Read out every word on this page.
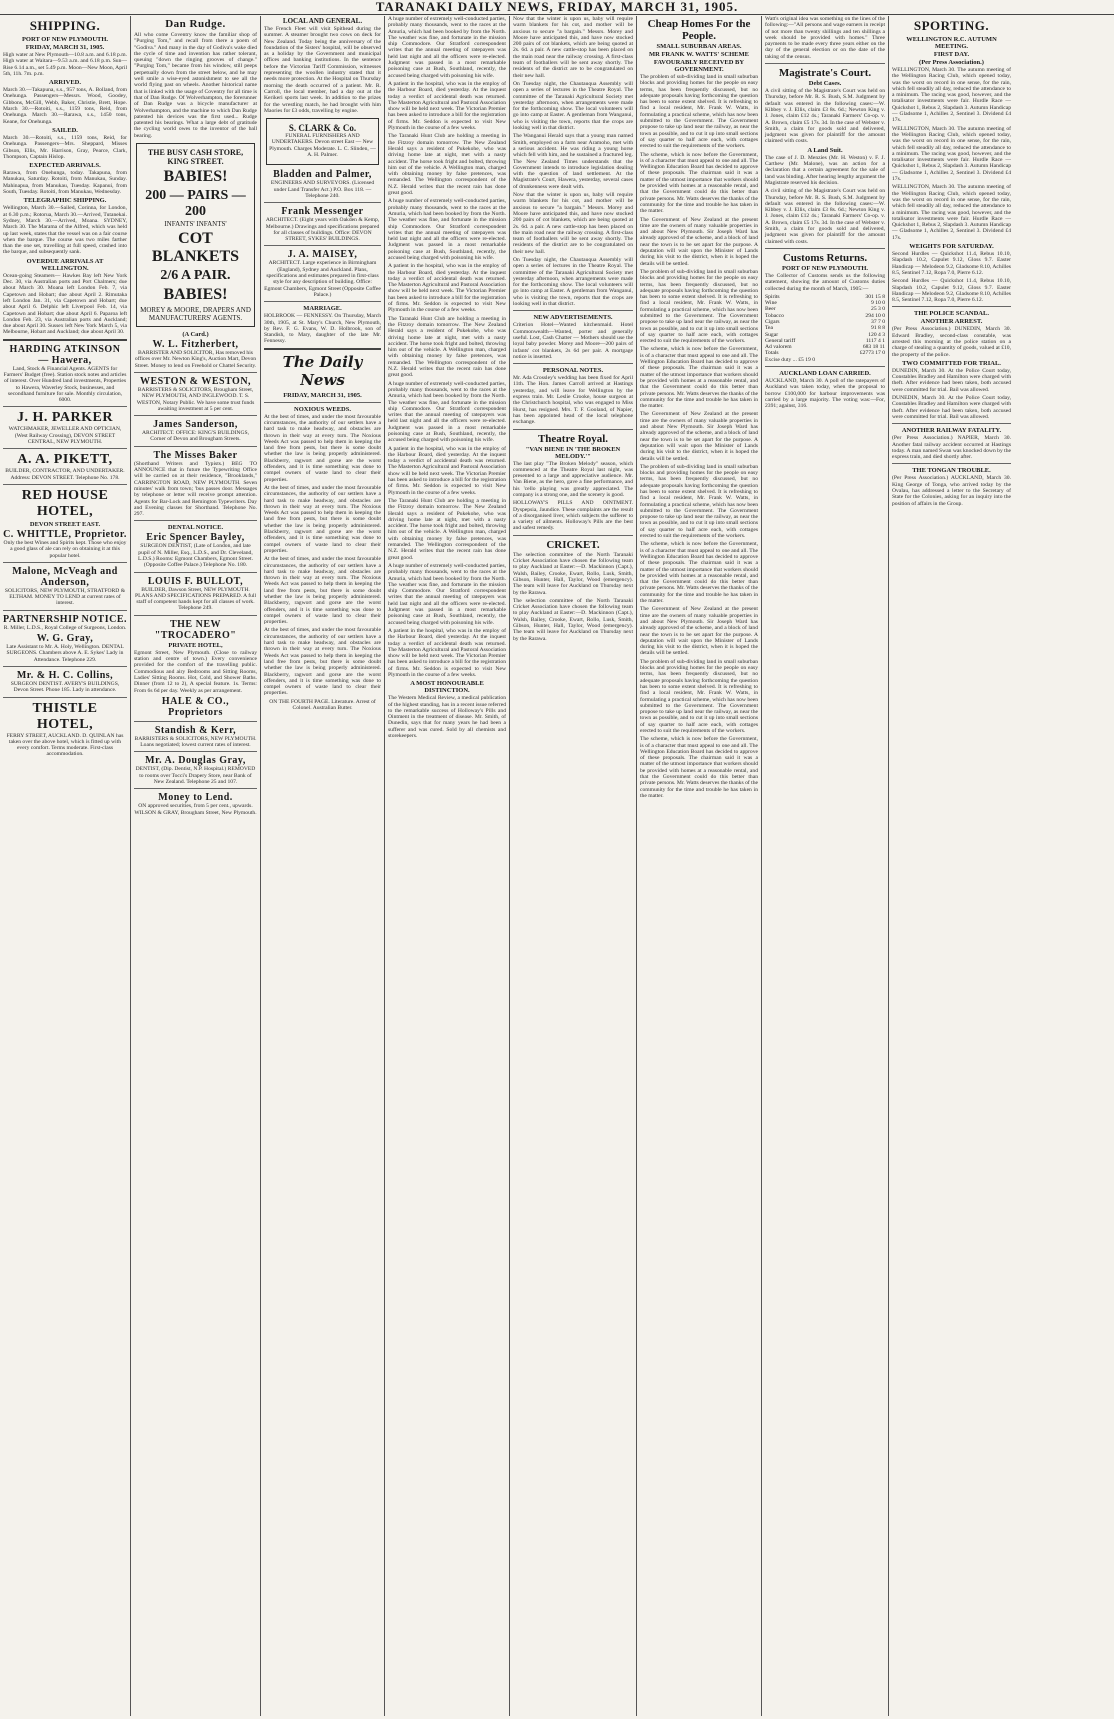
TARANAKI DAILY NEWS, FRIDAY, MARCH 31, 1905.
SHIPPING.
PORT OF NEW PLYMOUTH.
FRIDAY, MARCH 31, 1905.
High water at New Plymouth—10.8 a.m. and 6.18 p.m. High water at Waitara—9.53 a.m. and 6.18 p.m. Sun—Rise 6.14 a.m., set 5.49 p.m. Moon—New Moon, April 5th, 11h. 7m. p.m.
ARRIVED.
March 30.—Takapuna, s.s., 957 tons, A. Bolland, from Onehunga. Passengers—Messrs. Wood, Goodey, Gibbons, McGill, Webb, Baker, Christie, Brett, Hope. March 30.—Rotoiti, s.s., 1159 tons, Reid, from Onehunga. March 30.—Rarawa, s.s., 1450 tons, Keane, for Onehunga.
SAILED.
March 30.—Rotoiti, s.s., 1159 tons, Reid, for Onehunga. Passengers—Mrs. Sheppard, Misses Gibson, Ellis, Mr. Harrison, Gray, Pearce, Clark, Thompson, Captain Hislop.
EXPECTED ARRIVALS.
Rarawa, from Onehunga, today. Takapuna, from Manukau, Saturday. Rotoiti, from Manukau, Sunday. Mahinapua, from Manukau, Tuesday. Kapanui, from South, Tuesday. Rotoiti, from Manukau, Wednesday.
TELEGRAPHIC SHIPPING.
Wellington, March 30.—Sailed, Corinna, for London, at 6.30 p.m.; Rotorua, March 30.—Arrived, Tutanekai. Sydney, March 30.—Arrived, Moana. SYDNEY, March 30. The Marama of the Alfred, which was held up last week, states that the vessel was on a fair course when the barque. The course was two miles farther than the one set, travelling at full speed, crashed into the barque, and subsequently sank.
OVERDUE ARRIVALS AT WELLINGTON.
Ocean-going Steamers— Hawkes Bay left New York Dec. 30, via Australian ports and Port Chalmers; due about March 30. Moana left London Feb. 7, via Capetown and Hobart; due about April 2. Rimutaka left London Jan. 31, via Capetown and Hobart; due about April 6. Delphic left Liverpool Feb. 14, via Capetown and Hobart; due about April 6. Paparoa left London Feb. 23, via Australian ports and Auckland; due about April 30. Sussex left New York March 5, via Melbourne, Hobart and Auckland; due about April 30.
HARDING ATKINSON — Hawera,
Land, Stock & Financial Agents. AGENTS for Farmers' Budget (free). Station stock notes and articles of interest. Over Hundred land investments, Properties to Hawera, Waverley Stock, businesses, and secondhand furniture for sale. Monthly circulation, 6000.
J. H. PARKER
WATCHMAKER, JEWELLER AND OPTICIAN, (West Railway Crossing), DEVON STREET CENTRAL, NEW PLYMOUTH.
A. A. PIKETT,
BUILDER, CONTRACTOR, AND UNDERTAKER. Address: DEVON STREET. Telephone No. 178.
RED HOUSE HOTEL,
DEVON STREET EAST.
C. WHITTLE, Proprietor.
Only the best Wines and Spirits kept. Those who enjoy a good glass of ale can rely on obtaining it at this popular hotel.
Malone, McVeagh and Anderson,
SOLICITORS, NEW PLYMOUTH, STRATFORD & ELTHAM. MONEY TO LEND at current rates of interest.
PARTNERSHIP NOTICE.
R. Miller, L.D.S., Royal College of Surgeons, London.
W. G. Gray,
Late Assistant to Mr. A. Holy, Wellington. DENTAL SURGEONS. Chambers above A. E. Sykes' Lady in Attendance. Telephone 229.
Mr. & H. C. Collins,
SURGEON DENTIST. AVERY'S BUILDINGS, Devon Street. Phone 185. Lady in attendance.
THISTLE HOTEL,
FERRY STREET, AUCKLAND. D. QUINLAN has taken over the above hotel, which is fitted up with every comfort. Terms moderate. First-class accommodation.
Dan Rudge.
All who come Coventry know the familiar shop of "Purging Tom," and recall from there a poem of "Godiva." And many in the day of Godiva's wake died the cycle of time and invention has rather tolerant, queuing "down the ringing grooves of change." "Purging Tom," became from his window, still peeps perpetually down from the street below, and he may well smile a wise-eyed astonishment to see all the world flying past on wheels. Another historical name that is linked with the usage of Coventry for all time is that of Dan Rudge. Of Wolverhampton, the forerunner of Dan Rudge was a bicycle manufacturer at Wolverhampton, and the machine to which Dan Rudge patented his devices was the first used... Rudge patented his bearings. What a large debt of gratitude the cycling world owes to the inventor of the ball bearing.
THE BUSY CASH STORE,
KING STREET.
BABIES!
200 — PAIRS — 200
INFANTS' INFANTS'
COT BLANKETS
2/6 A PAIR.
BABIES!
MOREY & MOORE, DRAPERS AND MANUFACTURERS' AGENTS.
(A Card.)
W. L. Fitzherbert,
BARRISTER AND SOLICITOR, Has removed his offices over Mr. Newton King's, Auction Mart, Devon Street. Money to lend on Freehold or Chattel Security.
WESTON & WESTON,
BARRISTERS & SOLICITORS, Brougham Street, NEW PLYMOUTH, AND INGLEWOOD. T. S. WESTON, Notary Public. We have some trust funds awaiting investment at 5 per cent.
James Sanderson,
ARCHITECT. OFFICE: KING'S BUILDINGS, Corner of Devon and Brougham Streets.
The Misses Baker
(Shorthand Writers and Typists.) BEG TO ANNOUNCE that in future the Typewriting Office will be carried on at their residence, "Brooklands," CARRINGTON ROAD, NEW PLYMOUTH. Seven minutes' walk from town; 'bus passes door. Messages by telephone or letter will receive prompt attention. Agents for Bar-Lock and Remington Typewriters. Day and Evening classes for Shorthand. Telephone No. 297.
DENTAL NOTICE.
Eric Spencer Bayley,
SURGEON DENTIST, (Late of London, and late pupil of N. Miller, Esq., L.D.S., and Dr. Cleveland, L.D.S.) Rooms: Egmont Chambers, Egmont Street. (Opposite Coffee Palace.) Telephone No. 180.
LOUIS F. BULLOT,
BUILDER, Dawson Street, NEW PLYMOUTH. PLANS AND SPECIFICATIONS PREPARED. A full staff of competent hands kept for all classes of work. Telephone 249.
THE NEW "TROCADERO"
PRIVATE HOTEL,
Egmont Street, New Plymouth. (Close to railway station and centre of town.) Every convenience provided for the comfort of the travelling public. Commodious and airy Bedrooms and Sitting Rooms, Ladies' Sitting Rooms. Hot, Cold, and Shower Baths. Dinner (from 12 to 2), A special feature. 1s. Terms: From 6s 6d per day. Weekly as per arrangement.
HALE & CO., Proprietors
Standish & Kerr,
BARRISTERS & SOLICITORS, NEW PLYMOUTH. Loans negotiated; lowest current rates of interest.
Mr. A. Douglas Gray,
DENTIST, (Dip. Dentist, N.P. Hospital.) REMOVED to rooms over Tocci's Drapery Store, near Bank of New Zealand. Telephone 25 and 107.
Money to Lend.
ON approved securities, from 5 per cent., upwards. WILSON & GRAY, Brougham Street, New Plymouth.
LOCAL AND GENERAL.
The French Fleet will visit Spithead during the summer. A steamer brought two cows on deck for New Zealand. Today being the anniversary of the foundation of the Sisters' hospital, will be observed as a holiday by the Government and municipal offices and banking institutions. In the sentence before the Victorian Tariff Commission, witnesses representing the woollen industry stated that it needs more protection. At the Hospital on Thursday morning the death occurred of a patient. Mr. R. Carroll, the local member, had a day out at the Kerikeri sports last week. In addition to the prizes for the wrestling match, he had brought with him Maories for £3 odds, travelling by engine.
S. CLARK & Co.
FUNERAL FURNISHERS AND UNDERTAKERS. Devon street East — New Plymouth. Charges Moderate. L. C. Slinden, — A. H. Palmer.
Bladden and Palmer,
ENGINEERS AND SURVEYORS. (Licensed under Land Transfer Act.) P.O. Box 118. — Telephone 240.
Frank Messenger
ARCHITECT. (Eight years with Oakden & Kemp, Melbourne.) Drawings and specifications prepared for all classes of buildings. Office: DEVON STREET, SYKES' BUILDINGS.
J. A. MAISEY,
ARCHITECT. Large experience in Birmingham (England), Sydney and Auckland. Plans, specifications and estimates prepared in first-class style for any description of building. Office: Egmont Chambers, Egmont Street (Opposite Coffee Palace.)
MARRIAGE.
HOLBROOK — FENNESSY. On Thursday, March 30th, 1905, at St. Mary's Church, New Plymouth, by Rev. F. G. Evans, W. D. Holbrook, son of Standish, to Mary, daughter of the late Mr. Fennessy.
The Daily News
FRIDAY, MARCH 31, 1905.
NOXIOUS WEEDS.
At the best of times, and under the most favourable circumstances, the authority of our settlers have a hard task to make headway, and obstacles are thrown in their way at every turn. The Noxious Weeds Act was passed to help them in keeping the land free from pests, but there is some doubt whether the law is being properly administered. Blackberry, ragwort and gorse are the worst offenders, and it is time something was done to compel owners of waste land to clear their properties.
At the best of times, and under the most favourable circumstances, the authority of our settlers have a hard task to make headway, and obstacles are thrown in their way at every turn. The Noxious Weeds Act was passed to help them in keeping the land free from pests, but there is some doubt whether the law is being properly administered. Blackberry, ragwort and gorse are the worst offenders, and it is time something was done to compel owners of waste land to clear their properties.
At the best of times, and under the most favourable circumstances, the authority of our settlers have a hard task to make headway, and obstacles are thrown in their way at every turn. The Noxious Weeds Act was passed to help them in keeping the land free from pests, but there is some doubt whether the law is being properly administered. Blackberry, ragwort and gorse are the worst offenders, and it is time something was done to compel owners of waste land to clear their properties.
At the best of times, and under the most favourable circumstances, the authority of our settlers have a hard task to make headway, and obstacles are thrown in their way at every turn. The Noxious Weeds Act was passed to help them in keeping the land free from pests, but there is some doubt whether the law is being properly administered. Blackberry, ragwort and gorse are the worst offenders, and it is time something was done to compel owners of waste land to clear their properties.
ON THE FOURTH PAGE. Literature. Arrest of Colonel. Australian Butter.
A huge number of extremely well-conducted parties, probably many thousands, went to the races at the Amuria, which had been booked by from the North. The weather was fine, and fortunate in the mission ship Commodore. Our Stratford correspondent writes that the annual meeting of ratepayers was held last night and all the officers were re-elected. Judgment was passed in a most remarkable poisoning case at Bush, Southland, recently, the accused being charged with poisoning his wife.
A patient in the hospital, who was in the employ of the Harbour Board, died yesterday. At the inquest today a verdict of accidental death was returned. The Masterton Agricultural and Pastoral Association show will be held next week. The Victorian Premier has been asked to introduce a bill for the registration of firms. Mr. Seddon is expected to visit New Plymouth in the course of a few weeks.
The Taranaki Hunt Club are holding a meeting in the Fitzroy domain tomorrow. The New Zealand Herald says a resident of Pukekohe, who was driving home late at night, met with a nasty accident. The horse took fright and bolted, throwing him out of the vehicle. A Wellington man, charged with obtaining money by false pretences, was remanded. The Wellington correspondent of the N.Z. Herald writes that the recent rain has done great good.
A huge number of extremely well-conducted parties, probably many thousands, went to the races at the Amuria, which had been booked by from the North. The weather was fine, and fortunate in the mission ship Commodore. Our Stratford correspondent writes that the annual meeting of ratepayers was held last night and all the officers were re-elected. Judgment was passed in a most remarkable poisoning case at Bush, Southland, recently, the accused being charged with poisoning his wife.
A patient in the hospital, who was in the employ of the Harbour Board, died yesterday. At the inquest today a verdict of accidental death was returned. The Masterton Agricultural and Pastoral Association show will be held next week. The Victorian Premier has been asked to introduce a bill for the registration of firms. Mr. Seddon is expected to visit New Plymouth in the course of a few weeks.
The Taranaki Hunt Club are holding a meeting in the Fitzroy domain tomorrow. The New Zealand Herald says a resident of Pukekohe, who was driving home late at night, met with a nasty accident. The horse took fright and bolted, throwing him out of the vehicle. A Wellington man, charged with obtaining money by false pretences, was remanded. The Wellington correspondent of the N.Z. Herald writes that the recent rain has done great good.
A huge number of extremely well-conducted parties, probably many thousands, went to the races at the Amuria, which had been booked by from the North. The weather was fine, and fortunate in the mission ship Commodore. Our Stratford correspondent writes that the annual meeting of ratepayers was held last night and all the officers were re-elected. Judgment was passed in a most remarkable poisoning case at Bush, Southland, recently, the accused being charged with poisoning his wife.
A patient in the hospital, who was in the employ of the Harbour Board, died yesterday. At the inquest today a verdict of accidental death was returned. The Masterton Agricultural and Pastoral Association show will be held next week. The Victorian Premier has been asked to introduce a bill for the registration of firms. Mr. Seddon is expected to visit New Plymouth in the course of a few weeks.
The Taranaki Hunt Club are holding a meeting in the Fitzroy domain tomorrow. The New Zealand Herald says a resident of Pukekohe, who was driving home late at night, met with a nasty accident. The horse took fright and bolted, throwing him out of the vehicle. A Wellington man, charged with obtaining money by false pretences, was remanded. The Wellington correspondent of the N.Z. Herald writes that the recent rain has done great good.
A huge number of extremely well-conducted parties, probably many thousands, went to the races at the Amuria, which had been booked by from the North. The weather was fine, and fortunate in the mission ship Commodore. Our Stratford correspondent writes that the annual meeting of ratepayers was held last night and all the officers were re-elected. Judgment was passed in a most remarkable poisoning case at Bush, Southland, recently, the accused being charged with poisoning his wife.
A patient in the hospital, who was in the employ of the Harbour Board, died yesterday. At the inquest today a verdict of accidental death was returned. The Masterton Agricultural and Pastoral Association show will be held next week. The Victorian Premier has been asked to introduce a bill for the registration of firms. Mr. Seddon is expected to visit New Plymouth in the course of a few weeks.
A MOST HONOURABLE DISTINCTION.
The Western Medical Review, a medical publication of the highest standing, has in a recent issue referred to the remarkable success of Holloway's Pills and Ointment in the treatment of disease. Mr. Smith, of Dunedin, says that for many years he had been a sufferer and was cured. Sold by all chemists and storekeepers.
Now that the winter is upon us, baby will require warm blankets for his cot, and mother will be anxious to secure "a bargain." Messrs. Morey and Moore have anticipated this, and have now stocked 200 pairs of cot blankets, which are being quoted at 2s. 6d. a pair. A new cattle-stop has been placed on the main road near the railway crossing. A first-class team of footballers will be sent away shortly. The residents of the district are to be congratulated on their new hall.
On Tuesday night, the Chautauqua Assembly will open a series of lectures in the Theatre Royal. The committee of the Taranaki Agricultural Society met yesterday afternoon, when arrangements were made for the forthcoming show. The local volunteers will go into camp at Easter. A gentleman from Wanganui, who is visiting the town, reports that the crops are looking well in that district.
The Wanganui Herald says that a young man named Smith, employed on a farm near Aramoho, met with a serious accident. He was riding a young horse which fell with him, and he sustained a fractured leg. The New Zealand Times understands that the Government intends to introduce legislation dealing with the question of land settlement. At the Magistrate's Court, Hawera, yesterday, several cases of drunkenness were dealt with.
Now that the winter is upon us, baby will require warm blankets for his cot, and mother will be anxious to secure "a bargain." Messrs. Morey and Moore have anticipated this, and have now stocked 200 pairs of cot blankets, which are being quoted at 2s. 6d. a pair. A new cattle-stop has been placed on the main road near the railway crossing. A first-class team of footballers will be sent away shortly. The residents of the district are to be congratulated on their new hall.
On Tuesday night, the Chautauqua Assembly will open a series of lectures in the Theatre Royal. The committee of the Taranaki Agricultural Society met yesterday afternoon, when arrangements were made for the forthcoming show. The local volunteers will go into camp at Easter. A gentleman from Wanganui, who is visiting the town, reports that the crops are looking well in that district.
NEW ADVERTISEMENTS.
Criterion Hotel—Wanted kitchenmaid. Hotel Commonwealth—Wanted, porter and generally useful. Lost, Cash Chatter — Mothers should use the loyal baby powder. Morey and Moore—200 pairs of infants' cot blankets, 2s 6d per pair. A mortgage notice is inserted.
PERSONAL NOTES.
Mr. Ada Crossley's wedding has been fixed for April 11th. The Hon. James Carroll arrived at Hastings yesterday, and will leave for Wellington by the express train. Mr. Leslie Crooke, house surgeon at the Christchurch hospital, who was engaged to Miss Hurst, has resigned. Mrs. T. F. Gooland, of Napier, has been appointed head of the local telephone exchange.
Theatre Royal.
"VAN BIENE IN 'THE BROKEN MELODY.'"
The last play "The Broken Melody" season, which commenced at the Theatre Royal last night, was presented to a large and appreciative audience. Mr. Van Biene, as the hero, gave a fine performance, and his 'cello playing was greatly appreciated. The company is a strong one, and the scenery is good.
HOLLOWAY'S PILLS AND OINTMENT. Dyspepsia, Jaundice. These complaints are the result of a disorganised liver, which subjects the sufferer to a variety of ailments. Holloway's Pills are the best and safest remedy.
CRICKET.
The selection committee of the North Taranaki Cricket Association have chosen the following team to play Auckland at Easter:—D. Mackinnon (Capt.), Walsh, Bailey, Crooke, Ewart, Rollo, Lusk, Smith, Gibson, Hunter, Hall, Taylor, Wood (emergency). The team will leave for Auckland on Thursday next by the Rarawa.
The selection committee of the North Taranaki Cricket Association have chosen the following team to play Auckland at Easter:—D. Mackinnon (Capt.), Walsh, Bailey, Crooke, Ewart, Rollo, Lusk, Smith, Gibson, Hunter, Hall, Taylor, Wood (emergency). The team will leave for Auckland on Thursday next by the Rarawa.
Cheap Homes For the People.
SMALL SUBURBAN AREAS.
MR FRANK W. WATTS' SCHEME
FAVOURABLY RECEIVED BY GOVERNMENT.
The problem of sub-dividing land in small suburban blocks and providing homes for the people on easy terms, has been frequently discussed, but no adequate proposals having forthcoming the question has been to some extent shelved. It is refreshing to find a local resident, Mr. Frank W. Watts, in formulating a practical scheme, which has now been submitted to the Government. The Government propose to take up land near the railway, as near the town as possible, and to cut it up into small sections of say quarter to half acre each, with cottages erected to suit the requirements of the workers.
The scheme, which is now before the Government, is of a character that must appeal to one and all. The Wellington Education Board has decided to approve of these proposals. The chairman said it was a matter of the utmost importance that workers should be provided with homes at a reasonable rental, and that the Government could do this better than private persons. Mr. Watts deserves the thanks of the community for the time and trouble he has taken in the matter.
The Government of New Zealand at the present time are the owners of many valuable properties in and about New Plymouth. Sir Joseph Ward has already approved of the scheme, and a block of land near the town is to be set apart for the purpose. A deputation will wait upon the Minister of Lands during his visit to the district, when it is hoped the details will be settled.
The problem of sub-dividing land in small suburban blocks and providing homes for the people on easy terms, has been frequently discussed, but no adequate proposals having forthcoming the question has been to some extent shelved. It is refreshing to find a local resident, Mr. Frank W. Watts, in formulating a practical scheme, which has now been submitted to the Government. The Government propose to take up land near the railway, as near the town as possible, and to cut it up into small sections of say quarter to half acre each, with cottages erected to suit the requirements of the workers.
The scheme, which is now before the Government, is of a character that must appeal to one and all. The Wellington Education Board has decided to approve of these proposals. The chairman said it was a matter of the utmost importance that workers should be provided with homes at a reasonable rental, and that the Government could do this better than private persons. Mr. Watts deserves the thanks of the community for the time and trouble he has taken in the matter.
The Government of New Zealand at the present time are the owners of many valuable properties in and about New Plymouth. Sir Joseph Ward has already approved of the scheme, and a block of land near the town is to be set apart for the purpose. A deputation will wait upon the Minister of Lands during his visit to the district, when it is hoped the details will be settled.
The problem of sub-dividing land in small suburban blocks and providing homes for the people on easy terms, has been frequently discussed, but no adequate proposals having forthcoming the question has been to some extent shelved. It is refreshing to find a local resident, Mr. Frank W. Watts, in formulating a practical scheme, which has now been submitted to the Government. The Government propose to take up land near the railway, as near the town as possible, and to cut it up into small sections of say quarter to half acre each, with cottages erected to suit the requirements of the workers.
The scheme, which is now before the Government, is of a character that must appeal to one and all. The Wellington Education Board has decided to approve of these proposals. The chairman said it was a matter of the utmost importance that workers should be provided with homes at a reasonable rental, and that the Government could do this better than private persons. Mr. Watts deserves the thanks of the community for the time and trouble he has taken in the matter.
The Government of New Zealand at the present time are the owners of many valuable properties in and about New Plymouth. Sir Joseph Ward has already approved of the scheme, and a block of land near the town is to be set apart for the purpose. A deputation will wait upon the Minister of Lands during his visit to the district, when it is hoped the details will be settled.
The problem of sub-dividing land in small suburban blocks and providing homes for the people on easy terms, has been frequently discussed, but no adequate proposals having forthcoming the question has been to some extent shelved. It is refreshing to find a local resident, Mr. Frank W. Watts, in formulating a practical scheme, which has now been submitted to the Government. The Government propose to take up land near the railway, as near the town as possible, and to cut it up into small sections of say quarter to half acre each, with cottages erected to suit the requirements of the workers.
The scheme, which is now before the Government, is of a character that must appeal to one and all. The Wellington Education Board has decided to approve of these proposals. The chairman said it was a matter of the utmost importance that workers should be provided with homes at a reasonable rental, and that the Government could do this better than private persons. Mr. Watts deserves the thanks of the community for the time and trouble he has taken in the matter.
Watt's original idea was something on the lines of the following:—"All persons and wage earners in receipt of not more than twenty shillings and ten shillings a week should be provided with homes." Three payments to be made every three years either on the day of the general election or on the date of the taking of the census.
Magistrate's Court.
Debt Cases.
A civil sitting of the Magistrate's Court was held on Thursday, before Mr. R. S. Bush, S.M. Judgment by default was entered in the following cases:—W. Kibbey v. J. Ellis, claim £3 8s. 6d.; Newton King v. J. Jones, claim £12 4s.; Taranaki Farmers' Co-op. v. A. Brown, claim £5 17s. 3d. In the case of Webster v. Smith, a claim for goods sold and delivered, judgment was given for plaintiff for the amount claimed with costs.
A Land Suit.
The case of J. D. Menzies (Mr. H. Weston) v. F. J. Carthew (Mr. Malone), was an action for a declaration that a certain agreement for the sale of land was binding. After hearing lengthy argument the Magistrate reserved his decision.
A civil sitting of the Magistrate's Court was held on Thursday, before Mr. R. S. Bush, S.M. Judgment by default was entered in the following cases:—W. Kibbey v. J. Ellis, claim £3 8s. 6d.; Newton King v. J. Jones, claim £12 4s.; Taranaki Farmers' Co-op. v. A. Brown, claim £5 17s. 3d. In the case of Webster v. Smith, a claim for goods sold and delivered, judgment was given for plaintiff for the amount claimed with costs.
Customs Returns.
PORT OF NEW PLYMOUTH.
The Collector of Customs sends us the following statement, showing the amount of Customs duties collected during the month of March, 1905:—
Spirits	301 15 8
Wine	9 10 0
Beer	25 3 0
Tobacco	294 10 0
Cigars	37 7 0
Tea	91 8 8
Sugar	120 4 3
General tariff	1117 4 1
Ad valorem	683 18 11
Totals	£2773 17 0
Excise duty ... £5 19 0
AUCKLAND LOAN CARRIED.
AUCKLAND, March 30. A poll of the ratepayers of Auckland was taken today, when the proposal to borrow £100,000 for harbour improvements was carried by a large majority. The voting was:—For, 2391; against, 316.
SPORTING.
WELLINGTON R.C. AUTUMN MEETING.
FIRST DAY.
(Per Press Association.)
WELLINGTON, March 30. The autumn meeting of the Wellington Racing Club, which opened today, was the worst on record in one sense, for the rain, which fell steadily all day, reduced the attendance to a minimum. The racing was good, however, and the totalisator investments were fair. Hurdle Race — Quickshot 1, Rebus 2, Slapdash 3. Autumn Handicap — Gladsome 1, Achilles 2, Sentinel 3. Dividend £4 17s.
WELLINGTON, March 30. The autumn meeting of the Wellington Racing Club, which opened today, was the worst on record in one sense, for the rain, which fell steadily all day, reduced the attendance to a minimum. The racing was good, however, and the totalisator investments were fair. Hurdle Race — Quickshot 1, Rebus 2, Slapdash 3. Autumn Handicap — Gladsome 1, Achilles 2, Sentinel 3. Dividend £4 17s.
WELLINGTON, March 30. The autumn meeting of the Wellington Racing Club, which opened today, was the worst on record in one sense, for the rain, which fell steadily all day, reduced the attendance to a minimum. The racing was good, however, and the totalisator investments were fair. Hurdle Race — Quickshot 1, Rebus 2, Slapdash 3. Autumn Handicap — Gladsome 1, Achilles 2, Sentinel 3. Dividend £4 17s.
WEIGHTS FOR SATURDAY.
Second Hurdles — Quickshot 11.4, Rebus 10.10, Slapdash 10.2, Capulet 9.12, Gloss 9.7. Easter Handicap — Melodeon 9.2, Gladsome 8.10, Achilles 8.5, Sentinel 7.12, Ropa 7.0, Pierre 6.12.
Second Hurdles — Quickshot 11.4, Rebus 10.10, Slapdash 10.2, Capulet 9.12, Gloss 9.7. Easter Handicap — Melodeon 9.2, Gladsome 8.10, Achilles 8.5, Sentinel 7.12, Ropa 7.0, Pierre 6.12.
THE POLICE SCANDAL.
ANOTHER ARREST.
(Per Press Association.) DUNEDIN, March 30. Edward Bradley, second-class constable, was arrested this morning at the police station on a charge of stealing a quantity of goods, valued at £10, the property of the police.
TWO COMMITTED FOR TRIAL.
DUNEDIN, March 30. At the Police Court today, Constables Bradley and Hamilton were charged with theft. After evidence had been taken, both accused were committed for trial. Bail was allowed.
DUNEDIN, March 30. At the Police Court today, Constables Bradley and Hamilton were charged with theft. After evidence had been taken, both accused were committed for trial. Bail was allowed.
ANOTHER RAILWAY FATALITY.
(Per Press Association.) NAPIER, March 30. Another fatal railway accident occurred at Hastings today. A man named Swan was knocked down by the express train, and died shortly after.
THE TONGAN TROUBLE.
(Per Press Association.) AUCKLAND, March 30. King George of Tonga, who arrived today by the Ovalau, has addressed a letter to the Secretary of State for the Colonies, asking for an inquiry into the position of affairs in the Group.
